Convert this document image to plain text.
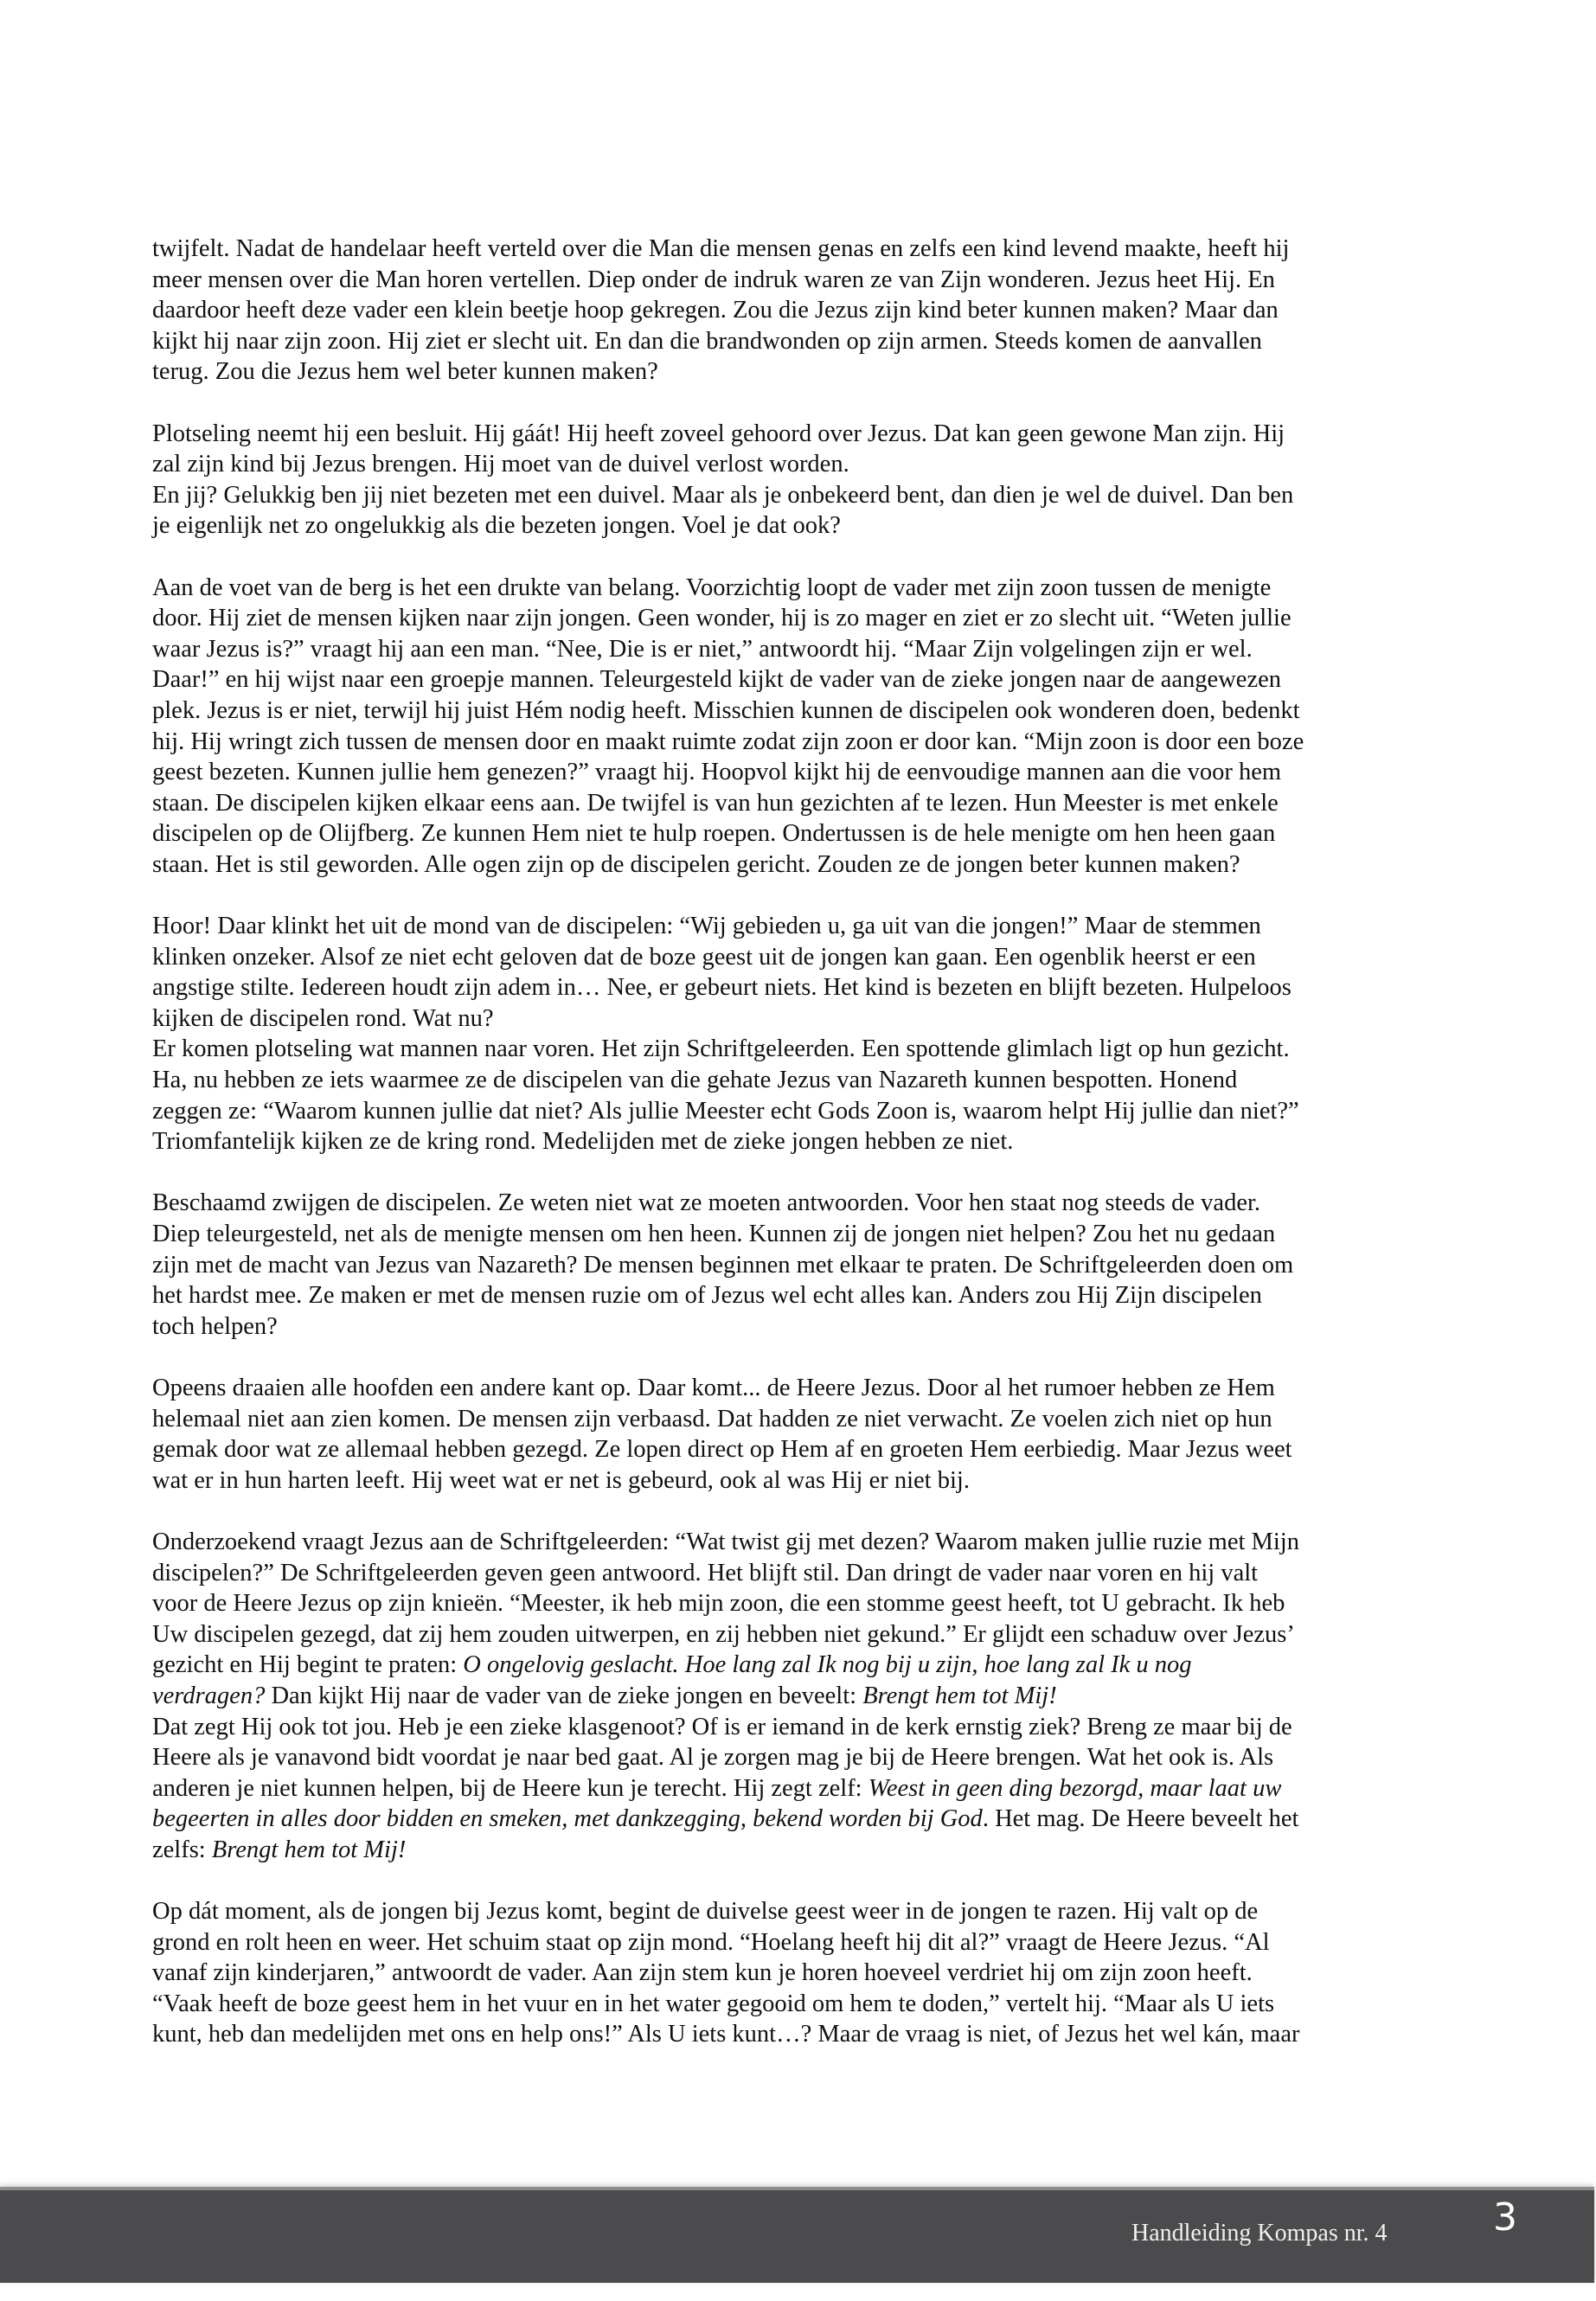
twijfelt. Nadat de handelaar heeft verteld over die Man die mensen genas en zelfs een kind levend maakte, heeft hij
meer mensen over die Man horen vertellen. Diep onder de indruk waren ze van Zijn wonderen. Jezus heet Hij. En
daardoor heeft deze vader een klein beetje hoop gekregen. Zou die Jezus zijn kind beter kunnen maken? Maar dan
kijkt hij naar zijn zoon. Hij ziet er slecht uit. En dan die brandwonden op zijn armen. Steeds komen de aanvallen
terug. Zou die Jezus hem wel beter kunnen maken?
Plotseling neemt hij een besluit. Hij gáát! Hij heeft zoveel gehoord over Jezus. Dat kan geen gewone Man zijn. Hij
zal zijn kind bij Jezus brengen. Hij moet van de duivel verlost worden.
En jij? Gelukkig ben jij niet bezeten met een duivel. Maar als je onbekeerd bent, dan dien je wel de duivel. Dan ben
je eigenlijk net zo ongelukkig als die bezeten jongen. Voel je dat ook?
Aan de voet van de berg is het een drukte van belang. Voorzichtig loopt de vader met zijn zoon tussen de menigte
door. Hij ziet de mensen kijken naar zijn jongen. Geen wonder, hij is zo mager en ziet er zo slecht uit. “Weten jullie
waar Jezus is?” vraagt hij aan een man. “Nee, Die is er niet,” antwoordt hij. “Maar Zijn volgelingen zijn er wel.
Daar!” en hij wijst naar een groepje mannen. Teleurgesteld kijkt de vader van de zieke jongen naar de aangewezen
plek. Jezus is er niet, terwijl hij juist Hém nodig heeft. Misschien kunnen de discipelen ook wonderen doen, bedenkt
hij. Hij wringt zich tussen de mensen door en maakt ruimte zodat zijn zoon er door kan. “Mijn zoon is door een boze
geest bezeten. Kunnen jullie hem genezen?” vraagt hij. Hoopvol kijkt hij de eenvoudige mannen aan die voor hem
staan. De discipelen kijken elkaar eens aan. De twijfel is van hun gezichten af te lezen. Hun Meester is met enkele
discipelen op de Olijfberg. Ze kunnen Hem niet te hulp roepen. Ondertussen is de hele menigte om hen heen gaan
staan. Het is stil geworden. Alle ogen zijn op de discipelen gericht. Zouden ze de jongen beter kunnen maken?
Hoor! Daar klinkt het uit de mond van de discipelen: “Wij gebieden u, ga uit van die jongen!” Maar de stemmen
klinken onzeker. Alsof ze niet echt geloven dat de boze geest uit de jongen kan gaan. Een ogenblik heerst er een
angstige stilte. Iedereen houdt zijn adem in… Nee, er gebeurt niets. Het kind is bezeten en blijft bezeten. Hulpeloos
kijken de discipelen rond. Wat nu?
Er komen plotseling wat mannen naar voren. Het zijn Schriftgeleerden. Een spottende glimlach ligt op hun gezicht.
Ha, nu hebben ze iets waarmee ze de discipelen van die gehate Jezus van Nazareth kunnen bespotten. Honend
zeggen ze: “Waarom kunnen jullie dat niet? Als jullie Meester echt Gods Zoon is, waarom helpt Hij jullie dan niet?”
Triomfantelijk kijken ze de kring rond. Medelijden met de zieke jongen hebben ze niet.
Beschaamd zwijgen de discipelen. Ze weten niet wat ze moeten antwoorden. Voor hen staat nog steeds de vader.
Diep teleurgesteld, net als de menigte mensen om hen heen. Kunnen zij de jongen niet helpen? Zou het nu gedaan
zijn met de macht van Jezus van Nazareth? De mensen beginnen met elkaar te praten. De Schriftgeleerden doen om
het hardst mee. Ze maken er met de mensen ruzie om of Jezus wel echt alles kan. Anders zou Hij Zijn discipelen
toch helpen?
Opeens draaien alle hoofden een andere kant op. Daar komt... de Heere Jezus. Door al het rumoer hebben ze Hem
helemaal niet aan zien komen. De mensen zijn verbaasd. Dat hadden ze niet verwacht. Ze voelen zich niet op hun
gemak door wat ze allemaal hebben gezegd. Ze lopen direct op Hem af en groeten Hem eerbiedig. Maar Jezus weet
wat er in hun harten leeft. Hij weet wat er net is gebeurd, ook al was Hij er niet bij.
Onderzoekend vraagt Jezus aan de Schriftgeleerden: “Wat twist gij met dezen? Waarom maken jullie ruzie met Mijn
discipelen?” De Schriftgeleerden geven geen antwoord. Het blijft stil. Dan dringt de vader naar voren en hij valt
voor de Heere Jezus op zijn knieën. “Meester, ik heb mijn zoon, die een stomme geest heeft, tot U gebracht. Ik heb
Uw discipelen gezegd, dat zij hem zouden uitwerpen, en zij hebben niet gekund.” Er glijdt een schaduw over Jezus’
gezicht en Hij begint te praten: O ongelovig geslacht. Hoe lang zal Ik nog bij u zijn, hoe lang zal Ik u nog
verdragen? Dan kijkt Hij naar de vader van de zieke jongen en beveelt: Brengt hem tot Mij!
Dat zegt Hij ook tot jou. Heb je een zieke klasgenoot? Of is er iemand in de kerk ernstig ziek? Breng ze maar bij de
Heere als je vanavond bidt voordat je naar bed gaat. Al je zorgen mag je bij de Heere brengen. Wat het ook is. Als
anderen je niet kunnen helpen, bij de Heere kun je terecht. Hij zegt zelf: Weest in geen ding bezorgd, maar laat uw
begeerten in alles door bidden en smeken, met dankzegging, bekend worden bij God. Het mag. De Heere beveelt het
zelfs: Brengt hem tot Mij!
Op dát moment, als de jongen bij Jezus komt, begint de duivelse geest weer in de jongen te razen. Hij valt op de
grond en rolt heen en weer. Het schuim staat op zijn mond. “Hoelang heeft hij dit al?” vraagt de Heere Jezus. “Al
vanaf zijn kinderjaren,” antwoordt de vader. Aan zijn stem kun je horen hoeveel verdriet hij om zijn zoon heeft.
“Vaak heeft de boze geest hem in het vuur en in het water gegooid om hem te doden,” vertelt hij. “Maar als U iets
kunt, heb dan medelijden met ons en help ons!” Als U iets kunt…? Maar de vraag is niet, of Jezus het wel kán, maar
Handleiding Kompas nr. 4	3
